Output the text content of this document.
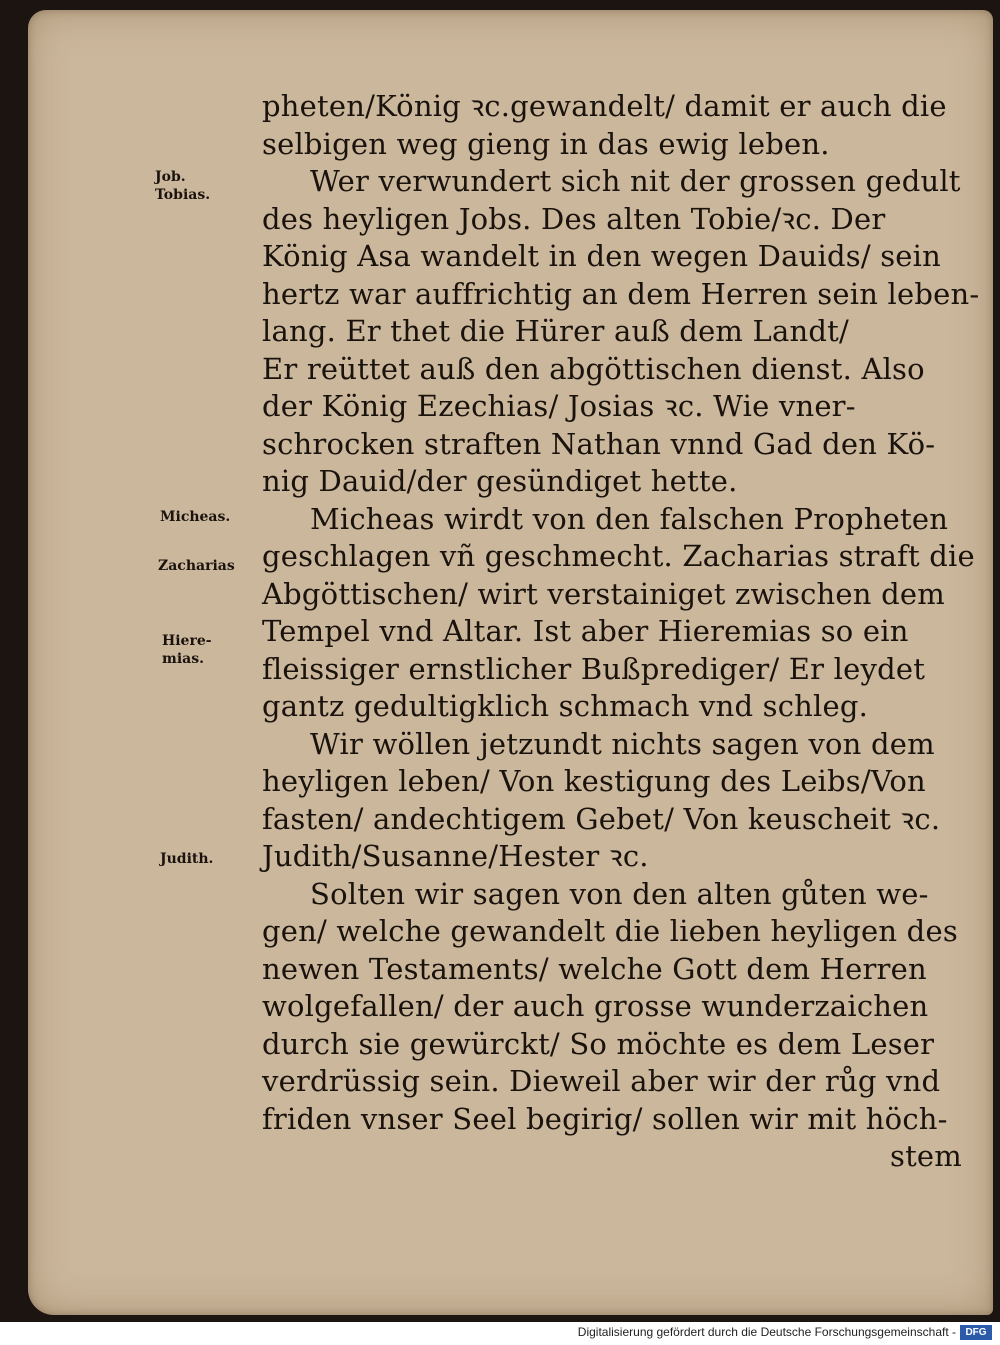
pheten/König ꝛc.gewandelt/ damit er auch die
selbigen weg gieng in das ewig leben.
Wer verwundert sich nit der grossen gedult
des heyligen Jobs. Des alten Tobie/ꝛc. Der
König Asa wandelt in den wegen Dauids/ sein
hertz war auffrichtig an dem Herren sein leben-
lang. Er thet die Hürer auß dem Landt/
Er reüttet auß den abgöttischen dienst. Also
der König Ezechias/ Josias ꝛc. Wie vner-
schrocken straften Nathan vnnd Gad den Kö-
nig Dauid/der gesündiget hette.
Micheas wirdt von den falschen Propheten
geschlagen vñ geschmecht. Zacharias straft die
Abgöttischen/ wirt verstainiget zwischen dem
Tempel vnd Altar. Ist aber Hieremias so ein
fleissiger ernstlicher Bußprediger/ Er leydet
gantz gedultigklich schmach vnd schleg.
Wir wöllen jetzundt nichts sagen von dem
heyligen leben/ Von kestigung des Leibs/Von
fasten/ andechtigem Gebet/ Von keuscheit ꝛc.
Judith/Susanne/Hester ꝛc.
Solten wir sagen von den alten gůten we-
gen/ welche gewandelt die lieben heyligen des
newen Testaments/ welche Gott dem Herren
wolgefallen/ der auch grosse wunderzaichen
durch sie gewürckt/ So möchte es dem Leser
verdrüssig sein. Dieweil aber wir der růg vnd
friden vnser Seel begirig/ sollen wir mit höch-
stem
Job.
Tobias.
Micheas.
Zacharias
Hiere-
mias.
Judith.
Digitalisierung gefördert durch die Deutsche Forschungsgemeinschaft - DFG
